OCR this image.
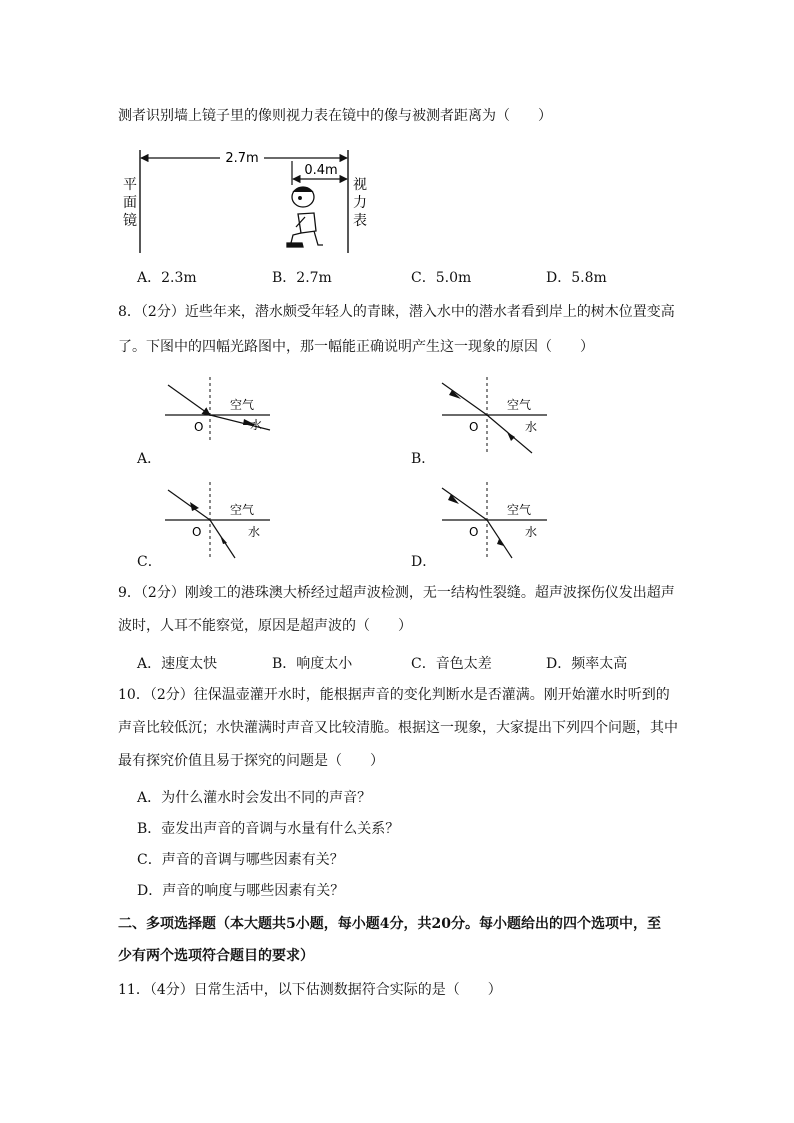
测者识别墙上镜子里的像则视力表在镜中的像与被测者距离为（　　）
2.7m
0.4m
平
面
镜
视
力
表
A．2.3m	B．2.7m	C．5.0m	D．5.8m
8．（2分）近些年来，潜水颇受年轻人的青睐，潜入水中的潜水者看到岸上的树木位置变高
了。下图中的四幅光路图中，那一幅能正确说明产生这一现象的原因（　　）
空气
水
O
A．
空气
水
O
B．
空气
水
O
C．
空气
水
O
D．
9．（2分）刚竣工的港珠澳大桥经过超声波检测，无一结构性裂缝。超声波探伤仪发出超声
波时，人耳不能察觉，原因是超声波的（　　）
A．速度太快	B．响度太小	C．音色太差	D．频率太高
10．（2分）往保温壶灌开水时，能根据声音的变化判断水是否灌满。刚开始灌水时听到的
声音比较低沉；水快灌满时声音又比较清脆。根据这一现象，大家提出下列四个问题，其中
最有探究价值且易于探究的问题是（　　）
A．为什么灌水时会发出不同的声音？
B．壶发出声音的音调与水量有什么关系？
C．声音的音调与哪些因素有关？
D．声音的响度与哪些因素有关？
二、多项选择题（本大题共5小题，每小题4分，共20分。每小题给出的四个选项中，至
少有两个选项符合题目的要求）
11．（4分）日常生活中，以下估测数据符合实际的是（　　）
